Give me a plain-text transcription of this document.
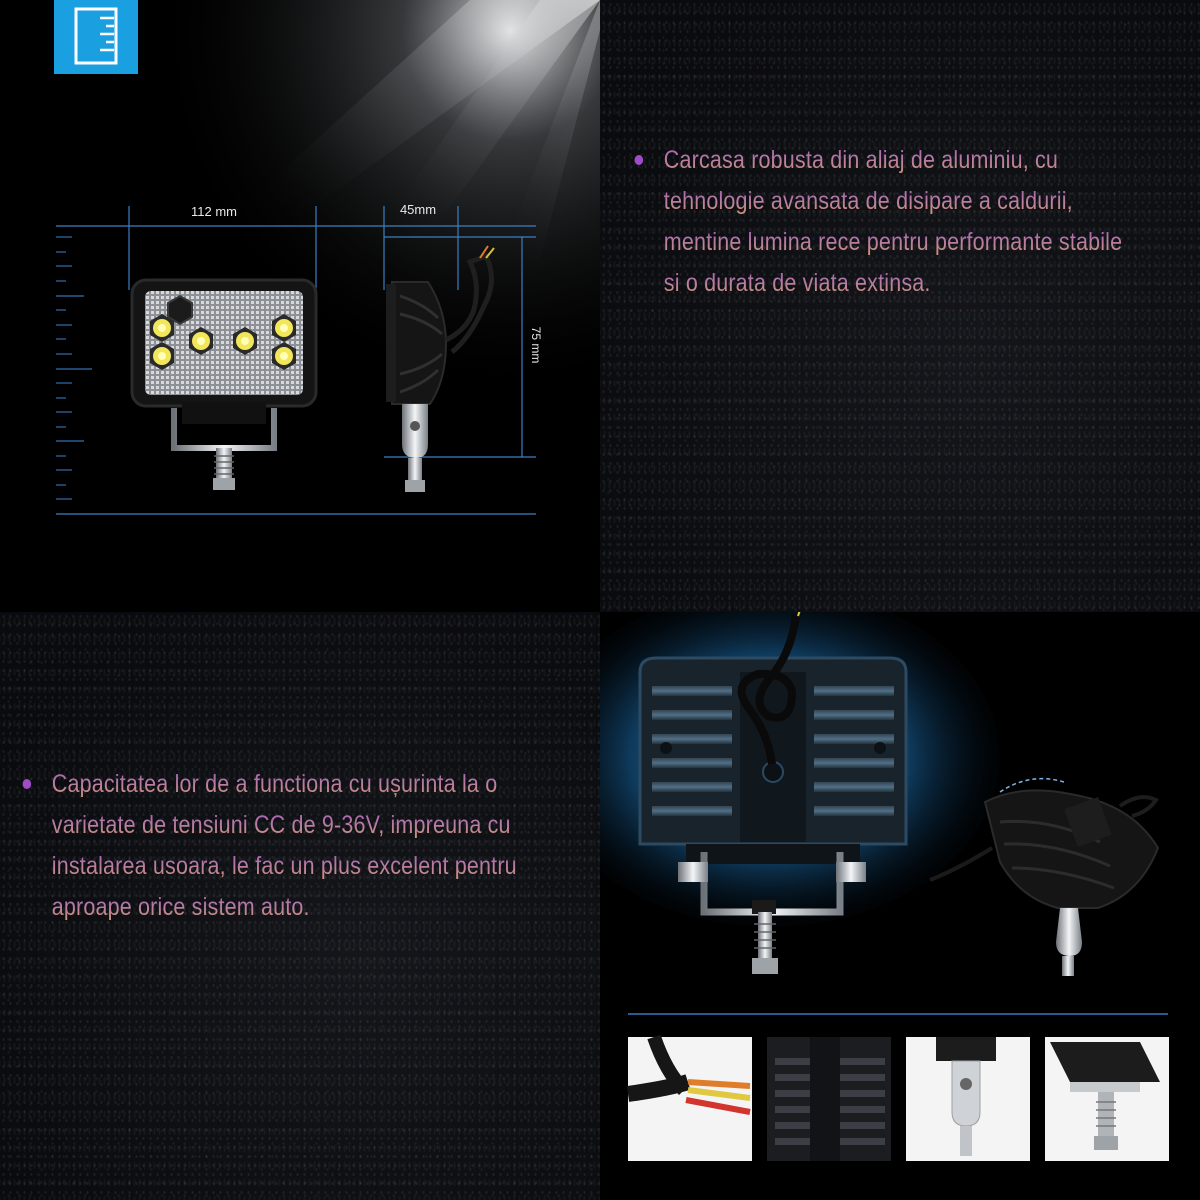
112 mm	45mm
75 mm
Carcasa robusta din aliaj de aluminiu, cu
tehnologie avansata de disipare a caldurii,
mentine lumina rece pentru performante stabile
si o durata de viata extinsa.
Capacitatea lor de a functiona cu ușurinta la o
varietate de tensiuni CC de 9-36V, impreuna cu
instalarea usoara, le fac un plus excelent pentru
aproape orice sistem auto.
